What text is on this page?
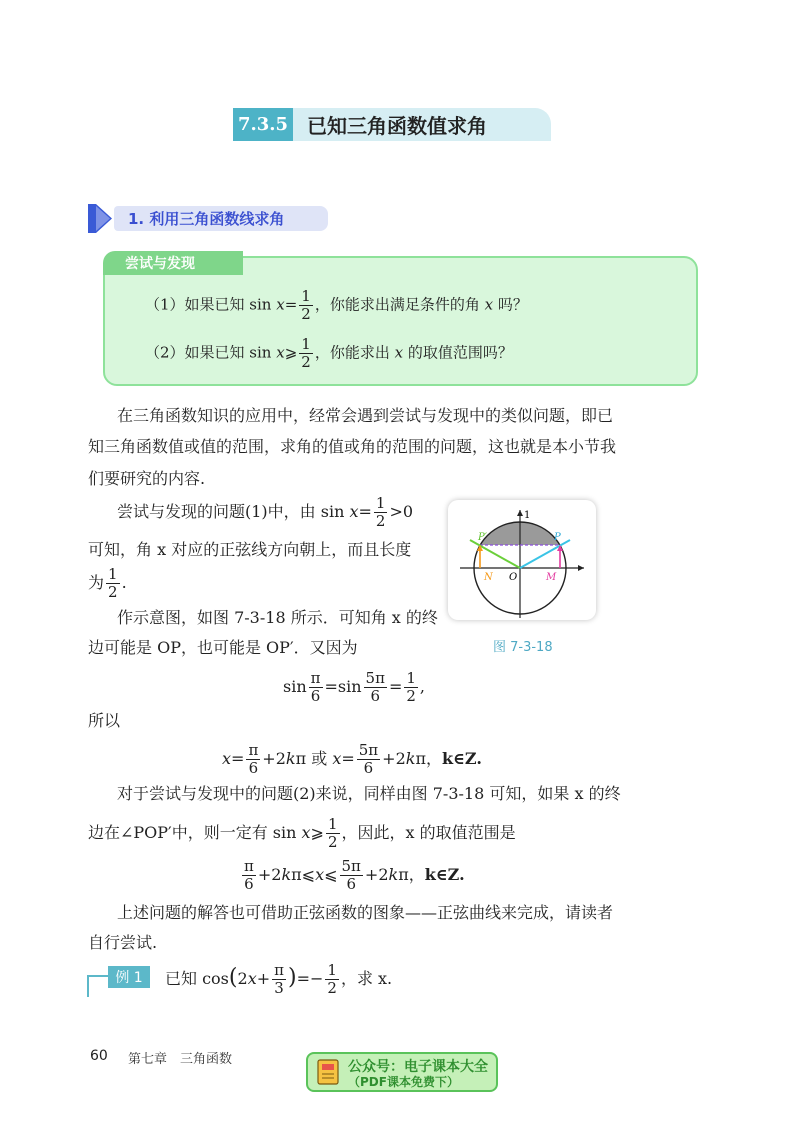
7.3.5 已知三角函数值求角
1. 利用三角函数线求角
尝试与发现
（1）如果已知 $\sin x= \frac{1}{2}$ ，你能求出满足条件的角 x 吗？
（2）如果已知 sin x⩾ $\frac{1}{2}$ ，你能求出 x 的取值范围吗？
在三角函数知识的应用中，经常会遇到尝试与发现中的类似问题，即已
知三角函数值或值的范围，求角的值或角的范围的问题，这也就是本小节我
们要研究的内容.
尝试与发现的问题(1)中，由 $\sin x= \frac{1}{2} >0$
可知，角 x 对应的正弦线方向朝上，而且长度
为 $\frac{1}{2}$ .
作示意图，如图 7-3-18 所示．可知角 x 的终
边可能是 OP，也可能是 OP′．又因为
$\sin \frac{\pi}{6} =\sin \frac{5\pi}{6} = \frac{1}{2}$ ,
所以
$x= \frac{\pi}{6} +2k\pi$ 或 $x= \frac{5\pi}{6} +2k\pi$，k∈Z.
对于尝试与发现中的问题(2)来说，同样由图 7-3-18 可知，如果 x 的终
边在∠POP′中，则一定有 sin x⩾ $\frac{1}{2}$ ，因此，x 的取值范围是
$\frac{\pi}{6}$ +2kπ⩽x⩽ $\frac{5\pi}{6} +2k\pi$，k∈Z.
上述问题的解答也可借助正弦函数的图象——正弦曲线来完成，请读者
自行尝试.
例 1	已知 $\cos(2x+ \frac{\pi}{3}$ )=− $\frac{1}{2}$ ，求 x.
1
P′	P
N O	M
图 7-3-18
60 第七章　三角函数	公众号：电子课本大全
（PDF课本免费下）
